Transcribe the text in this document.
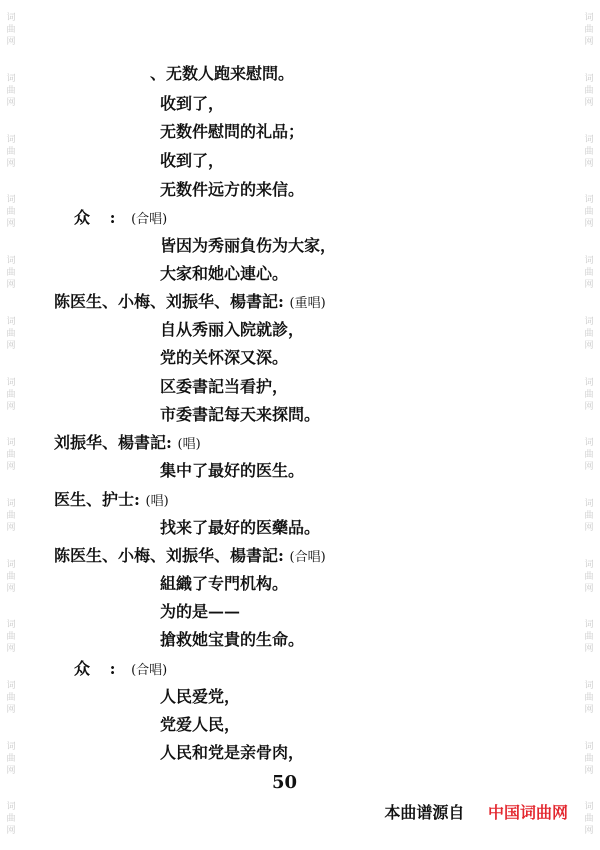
词
曲
网
词
曲
网
词
曲
网
词
曲
网
词
曲
网
词
曲
网
词
曲
网
词
曲
网
词
曲
网
词
曲
网
词
曲
网
词
曲
网
词
曲
网
词
曲
网
词
曲
网
词
曲
网
词
曲
网
词
曲
网
词
曲
网
词
曲
网
词
曲
网
词
曲
网
词
曲
网
词
曲
网
词
曲
网
词
曲
网
词
曲
网
词
曲
网
、无数人跑来慰問。
收到了，
无数件慰問的礼品；
收到了，
无数件远方的来信。
众 : (合唱)
皆因为秀丽負伤为大家，
大家和她心連心。
陈医生、小梅、刘振华、楊書記: (重唱)
自从秀丽入院就診，
党的关怀深又深。
区委書記当看护，
市委書記每天来探問。
刘振华、楊書記: (唱)
集中了最好的医生。
医生、护士: (唱)
找来了最好的医藥品。
陈医生、小梅、刘振华、楊書記: (合唱)
組織了专門机构。
为的是——
搶救她宝貴的生命。
众 : (合唱)
人民爱党，
党爱人民，
人民和党是亲骨肉，
50
本曲谱源自 中国词曲网
